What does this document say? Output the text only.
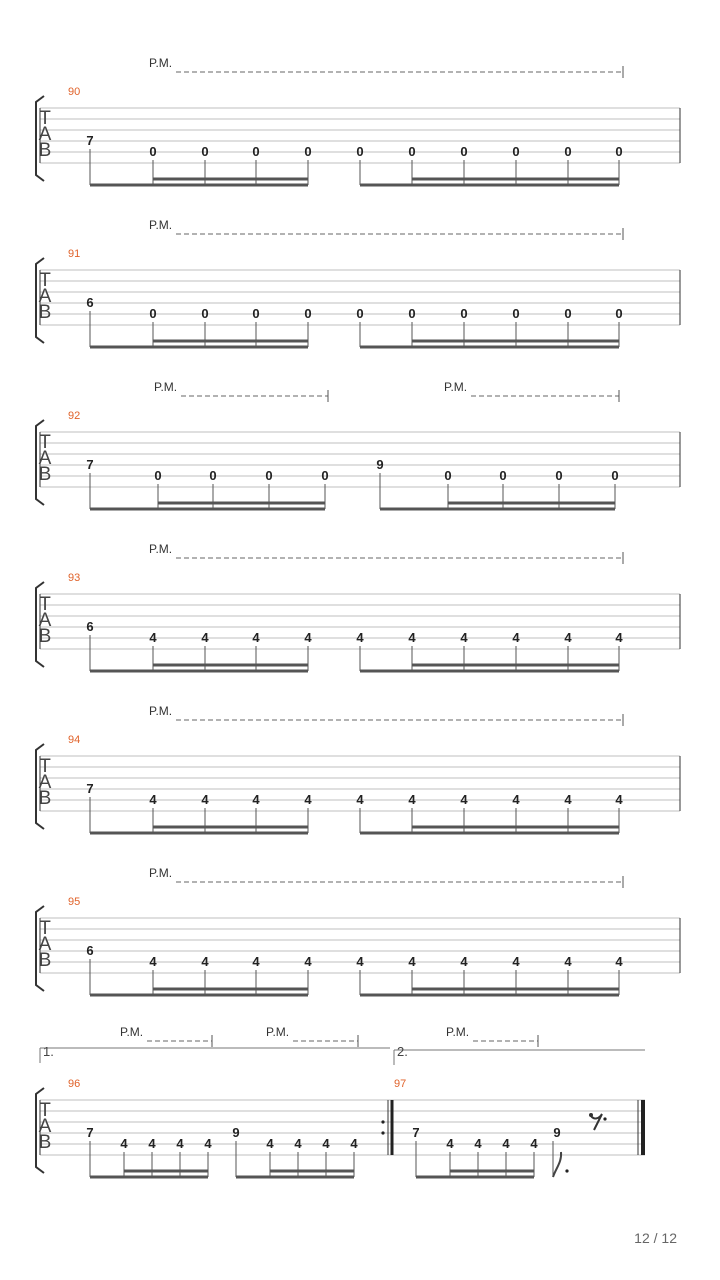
T
A
B
90
P.M.
7
0	0	0	0	0	0	0	0	0	0
T
A
B
91
P.M.
6
0	0	0	0	0	0	0	0	0	0
T
A
B
92
P.M.	P.M.
7
0	0	0	0
9
0	0	0	0
T
A
B
93
P.M.
6
4	4	4	4	4	4	4	4	4	4
T
A
B
94
P.M.
7
4	4	4	4	4	4	4	4	4	4
T
A
B
95
P.M.
6
4	4	4	4	4	4	4	4	4	4
T
A
B
1.	2.
P.M.	P.M.	P.M.
96	97
7
4 4 4 4
9
4 4 4 4
7
4 4 4 4
9
12 / 12
